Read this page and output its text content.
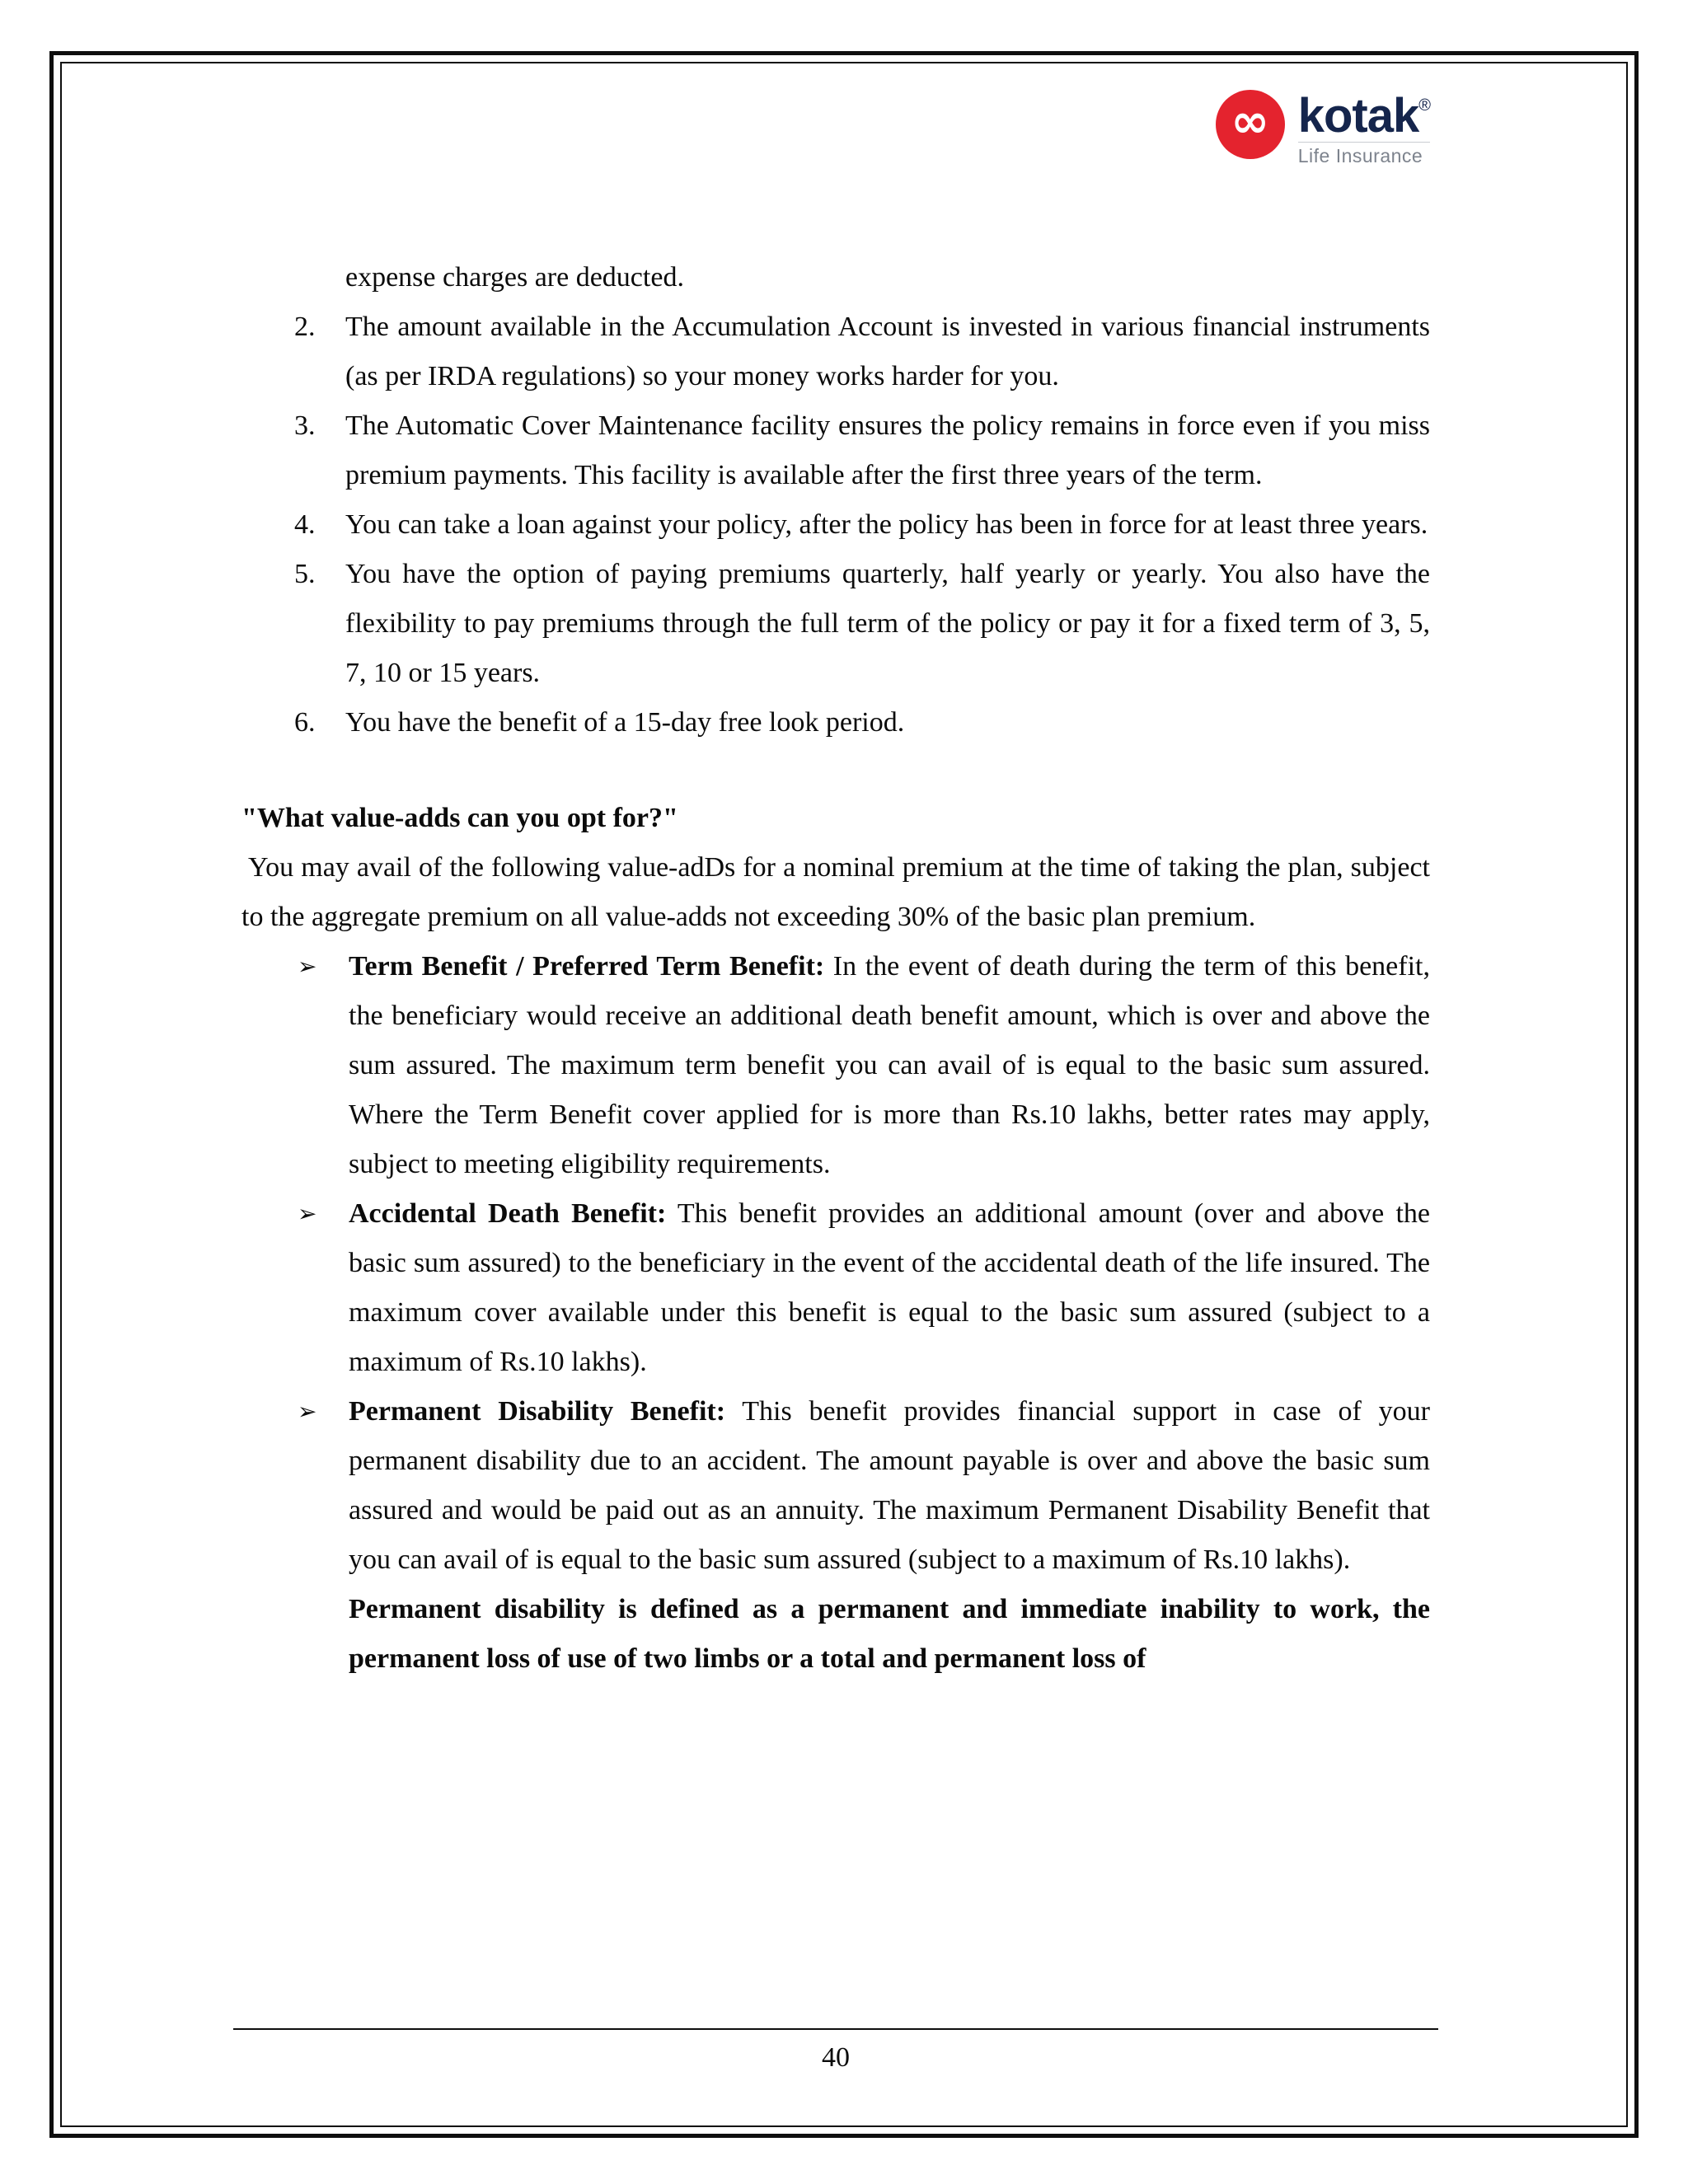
∞ kotak®
Life Insurance

expense charges are deducted.

2.	The amount available in the Accumulation Account is invested in various financial instruments (as per IRDA regulations) so your money works harder for you.
3.	The Automatic Cover Maintenance facility ensures the policy remains in force even if you miss premium payments. This facility is available after the first three years of the term.
4.	You can take a loan against your policy, after the policy has been in force for at least three years.
5.	You have the option of paying premiums quarterly, half yearly or yearly. You also have the flexibility to pay premiums through the full term of the policy or pay it for a fixed term of 3, 5, 7, 10 or 15 years.
6.	You have the benefit of a 15-day free look period.

"What value-adds can you opt for?"

You may avail of the following value-adDs for a nominal premium at the time of taking the plan, subject to the aggregate premium on all value-adds not exceeding 30% of the basic plan premium.

➢	Term Benefit / Preferred Term Benefit: In the event of death during the term of this benefit, the beneficiary would receive an additional death benefit amount, which is over and above the sum assured. The maximum term benefit you can avail of is equal to the basic sum assured. Where the Term Benefit cover applied for is more than Rs.10 lakhs, better rates may apply, subject to meeting eligibility requirements.
➢	Accidental Death Benefit: This benefit provides an additional amount (over and above the basic sum assured) to the beneficiary in the event of the accidental death of the life insured. The maximum cover available under this benefit is equal to the basic sum assured (subject to a maximum of Rs.10 lakhs).
➢	Permanent Disability Benefit: This benefit provides financial support in case of your permanent disability due to an accident. The amount payable is over and above the basic sum assured and would be paid out as an annuity. The maximum Permanent Disability Benefit that you can avail of is equal to the basic sum assured (subject to a maximum of Rs.10 lakhs).

Permanent disability is defined as a permanent and immediate inability to work, the permanent loss of use of two limbs or a total and permanent loss of

40
